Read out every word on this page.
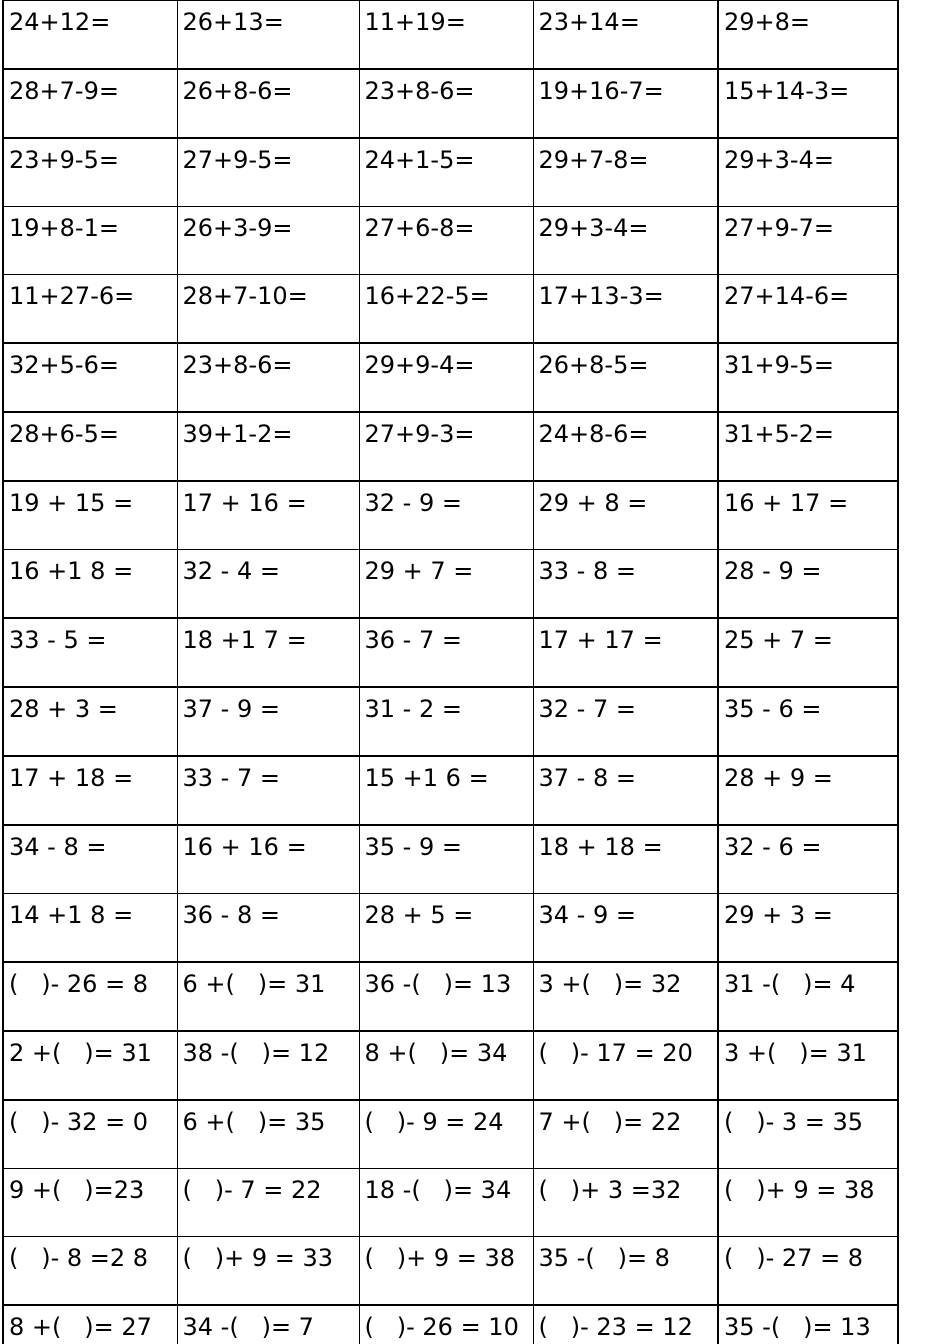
24+12=	26+13=	11+19=	23+14=	29+8=
28+7-9=	26+8-6=	23+8-6=	19+16-7=	15+14-3=
23+9-5=	27+9-5=	24+1-5=	29+7-8=	29+3-4=
19+8-1=	26+3-9=	27+6-8=	29+3-4=	27+9-7=
11+27-6=	28+7-10=	16+22-5=	17+13-3=	27+14-6=
32+5-6=	23+8-6=	29+9-4=	26+8-5=	31+9-5=
28+6-5=	39+1-2=	27+9-3=	24+8-6=	31+5-2=
19 + 15 =	17 + 16 =	32 - 9 =	29 + 8 =	16 + 17 =
16 +1 8 =	32 - 4 =	29 + 7 =	33 - 8 =	28 - 9 =
33 - 5 =	18 +1 7 =	36 - 7 =	17 + 17 =	25 + 7 =
28 + 3 =	37 - 9 =	31 - 2 =	32 - 7 =	35 - 6 =
17 + 18 =	33 - 7 =	15 +1 6 =	37 - 8 =	28 + 9 =
34 - 8 =	16 + 16 =	35 - 9 =	18 + 18 =	32 - 6 =
14 +1 8 =	36 - 8 =	28 + 5 =	34 - 9 =	29 + 3 =
(   )- 26 = 8	6 +(   )= 31	36 -(   )= 13	3 +(   )= 32	31 -(   )= 4
2 +(   )= 31	38 -(   )= 12	8 +(   )= 34	(   )- 17 = 20	3 +(   )= 31
(   )- 32 = 0	6 +(   )= 35	(   )- 9 = 24	7 +(   )= 22	(   )- 3 = 35
9 +(   )=23	(   )- 7 = 22	18 -(   )= 34	(   )+ 3 =32	(   )+ 9 = 38
(   )- 8 =2 8	(   )+ 9 = 33	(   )+ 9 = 38	35 -(   )= 8	(   )- 27 = 8
8 +(   )= 27	34 -(   )= 7	(   )- 26 = 10	(   )- 23 = 12	35 -(   )= 13
